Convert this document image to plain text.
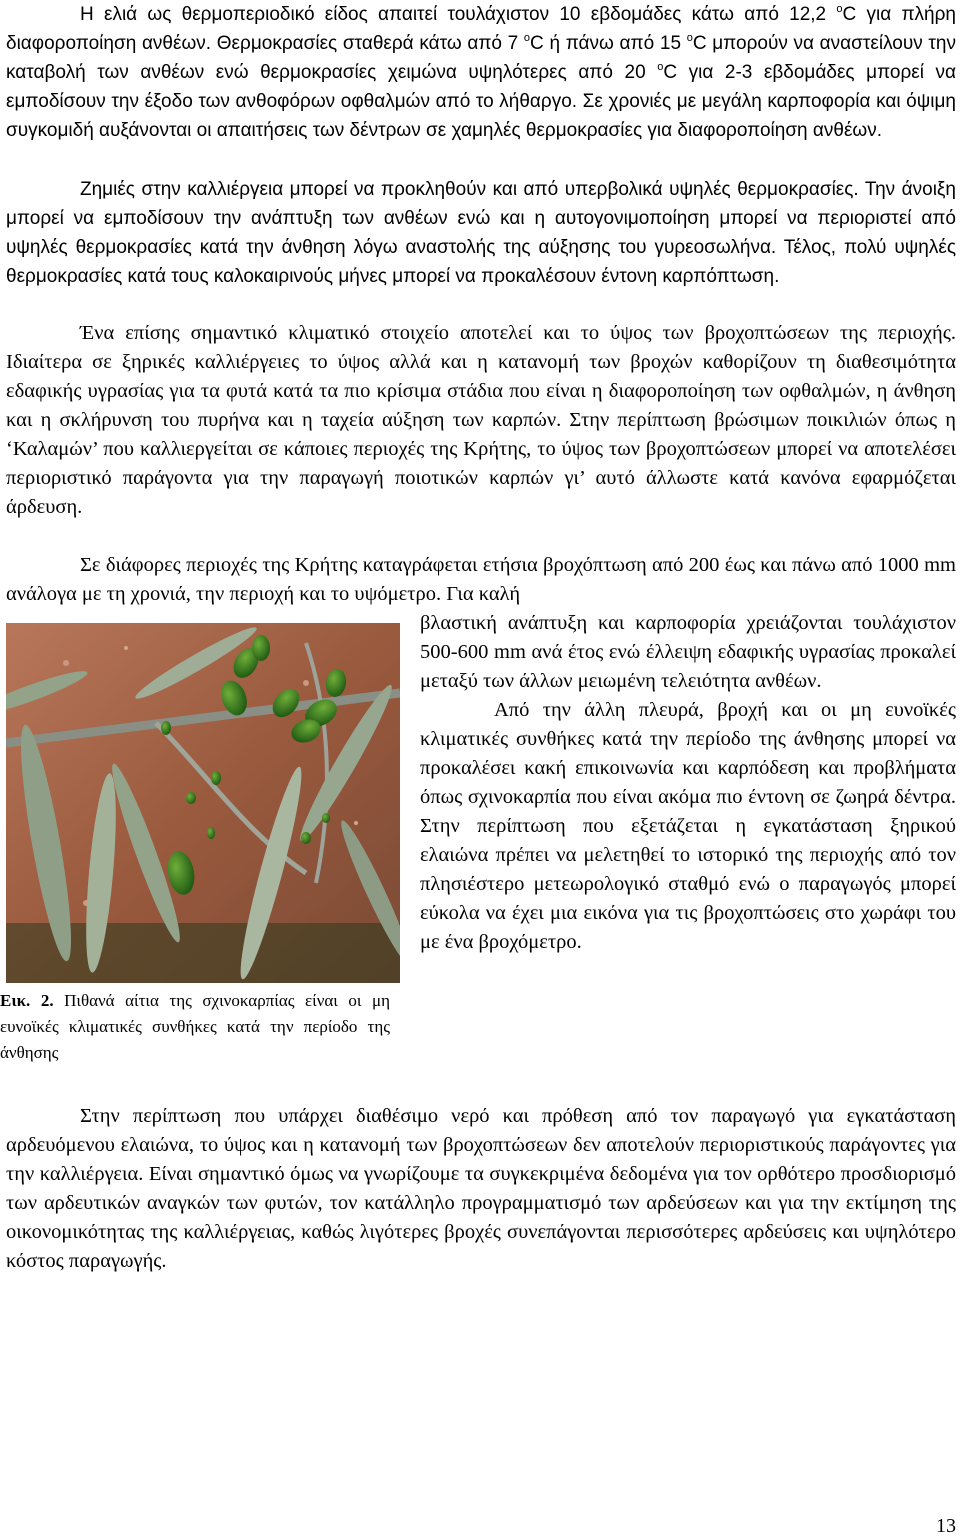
Η ελιά ως θερμοπεριοδικό είδος απαιτεί τουλάχιστον 10 εβδομάδες κάτω από 12,2 $^o$C για πλήρη διαφοροποίηση ανθέων. Θερμοκρασίες σταθερά κάτω από 7 $^o$C ή πάνω από 15 $^o$C μπορούν να αναστείλουν την καταβολή των ανθέων ενώ θερμοκρασίες χειμώνα υψηλότερες από 20 $^o$C για 2-3 εβδομάδες μπορεί να εμποδίσουν την έξοδο των ανθοφόρων οφθαλμών από το λήθαργο. Σε χρονιές με μεγάλη καρποφορία και όψιμη συγκομιδή αυξάνονται οι απαιτήσεις των δέντρων σε χαμηλές θερμοκρασίες για διαφοροποίηση ανθέων.

Ζημιές στην καλλιέργεια μπορεί να προκληθούν και από υπερβολικά υψηλές θερμοκρασίες. Την άνοιξη μπορεί να εμποδίσουν την ανάπτυξη των ανθέων ενώ και η αυτογονιμοποίηση μπορεί να περιοριστεί από υψηλές θερμοκρασίες κατά την άνθηση λόγω αναστολής της αύξησης του γυρεοσωλήνα. Τέλος, πολύ υψηλές θερμοκρασίες κατά τους καλοκαιρινούς μήνες μπορεί να προκαλέσουν έντονη καρπόπτωση.

Ένα επίσης σημαντικό κλιματικό στοιχείο αποτελεί και το ύψος των βροχοπτώσεων της περιοχής. Ιδιαίτερα σε ξηρικές καλλιέργειες το ύψος αλλά και η κατανομή των βροχών καθορίζουν τη διαθεσιμότητα εδαφικής υγρασίας για τα φυτά κατά τα πιο κρίσιμα στάδια που είναι η διαφοροποίηση των οφθαλμών, η άνθηση και η σκλήρυνση του πυρήνα και η ταχεία αύξηση των καρπών. Στην περίπτωση βρώσιμων ποικιλιών όπως η ‘Καλαμών’ που καλλιεργείται σε κάποιες περιοχές της Κρήτης, το ύψος των βροχοπτώσεων μπορεί να αποτελέσει περιοριστικό παράγοντα για την παραγωγή ποιοτικών καρπών γι’ αυτό άλλωστε κατά κανόνα εφαρμόζεται άρδευση.

Σε διάφορες περιοχές της Κρήτης καταγράφεται ετήσια βροχόπτωση από 200 έως και πάνω από 1000 mm ανάλογα με τη χρονιά, την περιοχή και το υψόμετρο. Για καλή

Εικ. 2. Πιθανά αίτια της σχινοκαρπίας είναι οι μη ευνοϊκές κλιματικές συνθήκες κατά την περίοδο της άνθησης

βλαστική ανάπτυξη και καρποφορία χρειάζονται τουλάχιστον 500-600 mm ανά έτος ενώ έλλειψη εδαφικής υγρασίας προκαλεί μεταξύ των άλλων μειωμένη τελειότητα ανθέων.

Από την άλλη πλευρά, βροχή και οι μη ευνοϊκές κλιματικές συνθήκες κατά την περίοδο της άνθησης μπορεί να προκαλέσει κακή επικοινωνία και καρπόδεση και προβλήματα όπως σχινοκαρπία που είναι ακόμα πιο έντονη σε ζωηρά δέντρα. Στην περίπτωση που εξετάζεται η εγκατάσταση ξηρικού ελαιώνα πρέπει να μελετηθεί το ιστορικό της περιοχής από τον πλησιέστερο μετεωρολογικό σταθμό ενώ ο παραγωγός μπορεί εύκολα να έχει μια εικόνα για τις βροχοπτώσεις στο χωράφι του με ένα βροχόμετρο.

Στην περίπτωση που υπάρχει διαθέσιμο νερό και πρόθεση από τον παραγωγό για εγκατάσταση αρδευόμενου ελαιώνα, το ύψος και η κατανομή των βροχοπτώσεων δεν αποτελούν περιοριστικούς παράγοντες για την καλλιέργεια. Είναι σημαντικό όμως να γνωρίζουμε τα συγκεκριμένα δεδομένα για τον ορθότερο προσδιορισμό των αρδευτικών αναγκών των φυτών, τον κατάλληλο προγραμματισμό των αρδεύσεων και για την εκτίμηση της οικονομικότητας της καλλιέργειας, καθώς λιγότερες βροχές συνεπάγονται περισσότερες αρδεύσεις και υψηλότερο κόστος παραγωγής.

13
